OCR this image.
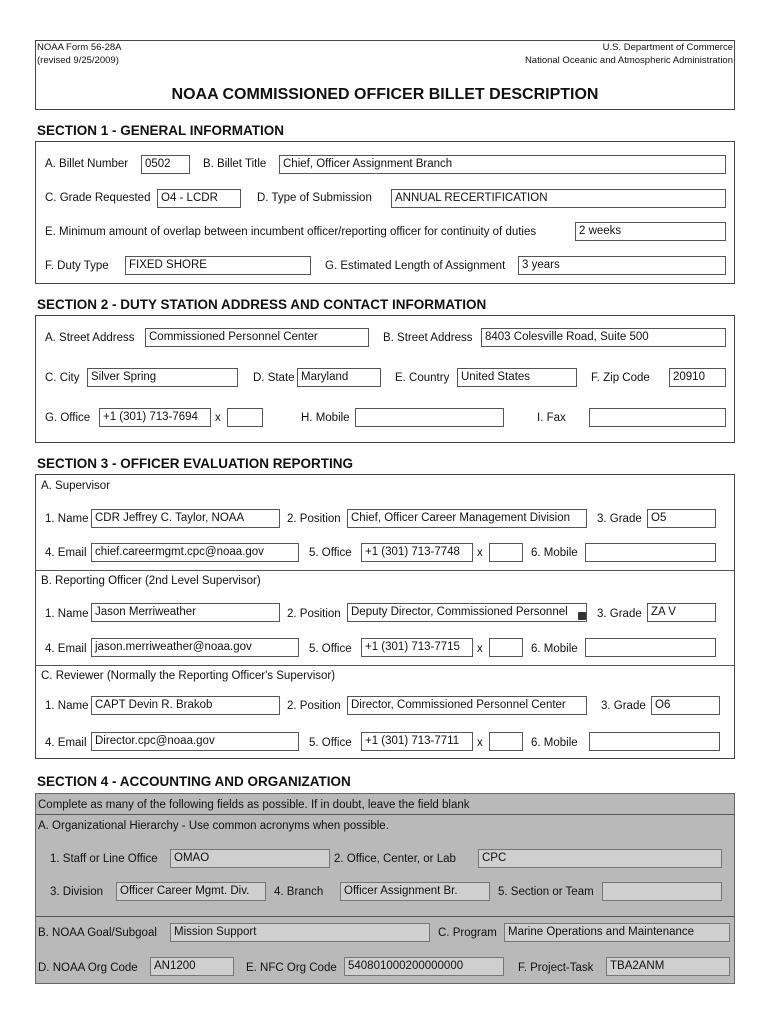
NOAA Form 56-28A
(revised 9/25/2009)
U.S. Department of Commerce
National Oceanic and Atmospheric Administration
NOAA COMMISSIONED OFFICER BILLET DESCRIPTION
SECTION 1 - GENERAL INFORMATION
A. Billet Number	0502	B. Billet Title	Chief, Officer Assignment Branch
C. Grade Requested O4 - LCDR	D. Type of Submission	ANNUAL RECERTIFICATION
E. Minimum amount of overlap between incumbent officer/reporting officer for continuity of duties	2 weeks
F. Duty Type	FIXED SHORE	G. Estimated Length of Assignment	3 years
SECTION 2 - DUTY STATION ADDRESS AND CONTACT INFORMATION
A. Street Address	Commissioned Personnel Center	B. Street Address	8403 Colesville Road, Suite 500
C. City	Silver Spring	D. State Maryland	E. Country	United States	F. Zip Code	20910
G. Office	+1 (301) 713-7694	x	H. Mobile	I. Fax
SECTION 3 - OFFICER EVALUATION REPORTING
A. Supervisor
1. Name CDR Jeffrey C. Taylor, NOAA	2. Position Chief, Officer Career Management Division	3. Grade O5
4. Email chief.careermgmt.cpc@noaa.gov	5. Office	+1 (301) 713-7748	x	6. Mobile
B. Reporting Officer (2nd Level Supervisor)
1. Name Jason Merriweather	2. Position Deputy Director, Commissioned Personnel	3. Grade ZA V
4. Email jason.merriweather@noaa.gov	5. Office	+1 (301) 713-7715	x	6. Mobile
C. Reviewer (Normally the Reporting Officer's Supervisor)
1. Name CAPT Devin R. Brakob	2. Position Director, Commissioned Personnel Center	3. Grade O6
4. Email Director.cpc@noaa.gov	5. Office	+1 (301) 713-7711	x	6. Mobile
SECTION 4 - ACCOUNTING AND ORGANIZATION
Complete as many of the following fields as possible. If in doubt, leave the field blank
A. Organizational Hierarchy - Use common acronyms when possible.
1. Staff or Line Office	OMAO	2. Office, Center, or Lab	CPC
3. Division	Officer Career Mgmt. Div.	4. Branch	Officer Assignment Br.	5. Section or Team
B. NOAA Goal/Subgoal	Mission Support	C. Program Marine Operations and Maintenance
D. NOAA Org Code	AN1200	E. NFC Org Code 540801000200000000	F. Project-Task	TBA2ANM
